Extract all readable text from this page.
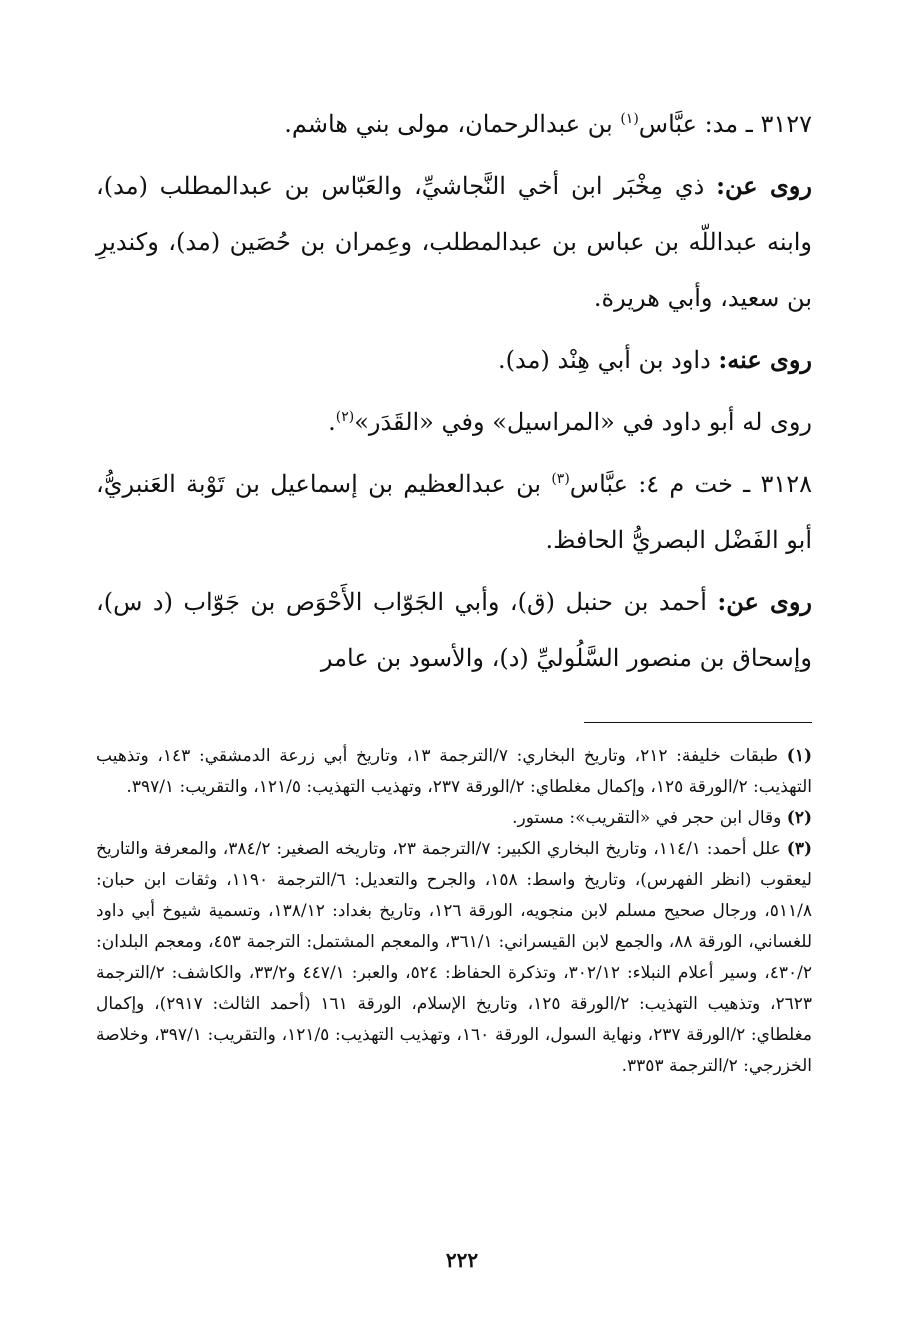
٣١٢٧ ـ مد: عبَّاس$^{(١)}$ بن عبدالرحمان، مولى بني هاشم.

روى عن: ذي مِخْبَر ابن أخي النَّجاشيِّ، والعَبّاس بن عبدالمطلب (مد)، وابنه عبداللّه بن عباس بن عبدالمطلب، وعِمران بن حُصَين (مد)، وكنديرِ بن سعيد، وأبي هريرة.

روى عنه: داود بن أبي هِنْد (مد).

روى له أبو داود في «المراسيل» وفي «القَدَر»$^{(٢)}$.

٣١٢٨ ـ خت م ٤: عبَّاس$^{(٣)}$ بن عبدالعظيم بن إسماعيل بن تَوْبة العَنبريُّ، أبو الفَضْل البصريُّ الحافظ.

روى عن: أحمد بن حنبل (ق)، وأبي الجَوّاب الأَحْوَص بن جَوّاب (د س)، وإسحاق بن منصور السَّلُوليِّ (د)، والأسود بن عامر

(١) طبقات خليفة: ٢١٢، وتاريخ البخاري: ٧/الترجمة ١٣، وتاريخ أبي زرعة الدمشقي: ١٤٣، وتذهيب التهذيب: ٢/الورقة ١٢٥، وإكمال مغلطاي: ٢/الورقة ٢٣٧، وتهذيب التهذيب: ١٢١/٥، والتقريب: ٣٩٧/١.

(٢) وقال ابن حجر في «التقريب»: مستور.

(٣) علل أحمد: ١١٤/١، وتاريخ البخاري الكبير: ٧/الترجمة ٢٣، وتاريخه الصغير: ٣٨٤/٢، والمعرفة والتاريخ ليعقوب (انظر الفهرس)، وتاريخ واسط: ١٥٨، والجرح والتعديل: ٦/الترجمة ١١٩٠، وثقات ابن حبان: ٥١١/٨، ورجال صحيح مسلم لابن منجويه، الورقة ١٢٦، وتاريخ بغداد: ١٣٨/١٢، وتسمية شيوخ أبي داود للغساني، الورقة ٨٨، والجمع لابن القيسراني: ٣٦١/١، والمعجم المشتمل: الترجمة ٤٥٣، ومعجم البلدان: ٤٣٠/٢، وسير أعلام النبلاء: ٣٠٢/١٢، وتذكرة الحفاظ: ٥٢٤، والعبر: ٤٤٧/١ و٣٣/٢، والكاشف: ٢/الترجمة ٢٦٢٣، وتذهيب التهذيب: ٢/الورقة ١٢٥، وتاريخ الإسلام، الورقة ١٦١ (أحمد الثالث: ٢٩١٧)، وإكمال مغلطاي: ٢/الورقة ٢٣٧، ونهاية السول، الورقة ١٦٠، وتهذيب التهذيب: ١٢١/٥، والتقريب: ٣٩٧/١، وخلاصة الخزرجي: ٢/الترجمة ٣٣٥٣.

٢٢٢
